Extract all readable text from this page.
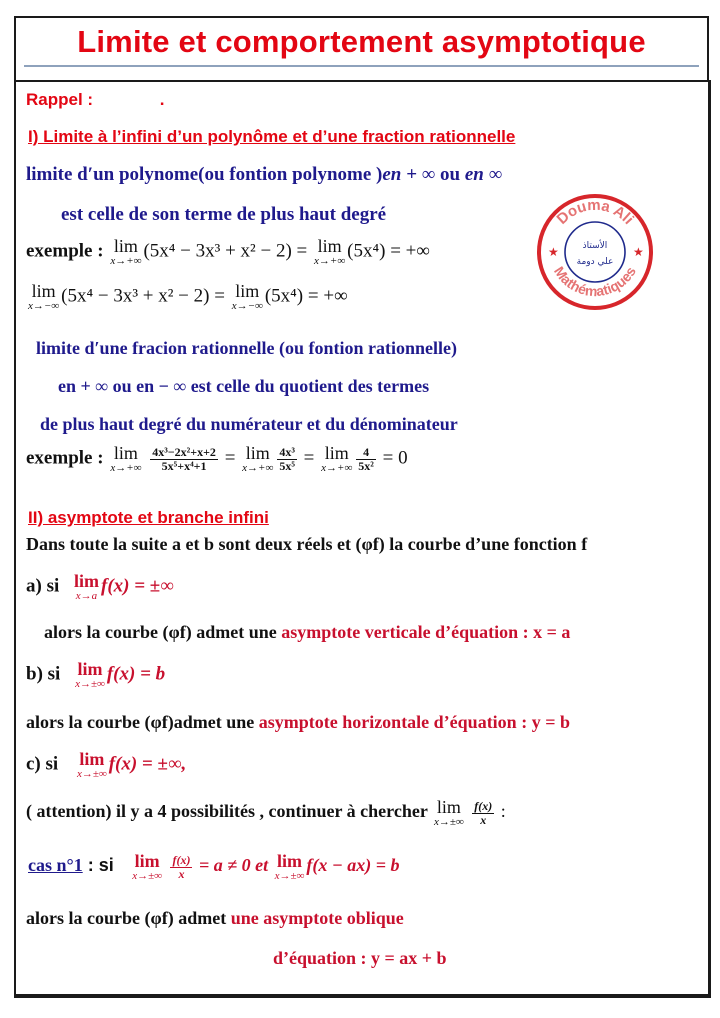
Limite et comportement asymptotique
Rappel :	.
I) Limite à l’infini d’un polynôme et d’une fraction rationnelle
limite d′un polynome(ou fontion polynome )en + ∞ ou en ∞
est celle de son terme de plus haut degré
exemple : lim
x→+∞ (5x⁴ − 3x³ + x² − 2) = lim
x→+∞ (5x⁴) = +∞
lim
x→−∞ (5x⁴ − 3x³ + x² − 2) = lim
x→−∞ (5x⁴) = +∞
limite d′une fracion rationnelle (ou fontion rationnelle)
en + ∞ ou en − ∞ est celle du quotient des termes
de plus haut degré du numérateur et du dénominateur
exemple : lim
x→+∞
$\frac{\text{4x³−2x²+x+2}}{\text{5x⁵+x⁴+1}} = \lim$
$x\to+\infty \frac{\text{4x³}}{\text{5x⁵}} = \lim$
$x\to+\infty \frac{4}{\text{5x²}} = 0$
II) asymptote et branche infini
Dans toute la suite a et b sont deux réels et (φf) la courbe d’une fonction f
a) si lim
x→a f(x) = ±∞
alors la courbe (φf) admet une asymptote verticale d’équation : x = a
b) si lim
x→±∞ f(x) = b
alors la courbe (φf)admet une asymptote horizontale d’équation : y = b
c) si lim
x→±∞ f(x) = ±∞,
( attention) il y a 4 possibilités , continuer à chercher lim
x→±∞
$\frac{f(x)}{x}$ :
cas n°1 : si lim
x→±∞
$\frac{f(x)}{x} = a \ne 0$ et lim
x→±∞
f(x − ax) = b
alors la courbe (φf) admet une asymptote oblique
d’équation : y = ax + b
Douma Ali
Mathématiques
★	★
الأستاذ
علي دومة
